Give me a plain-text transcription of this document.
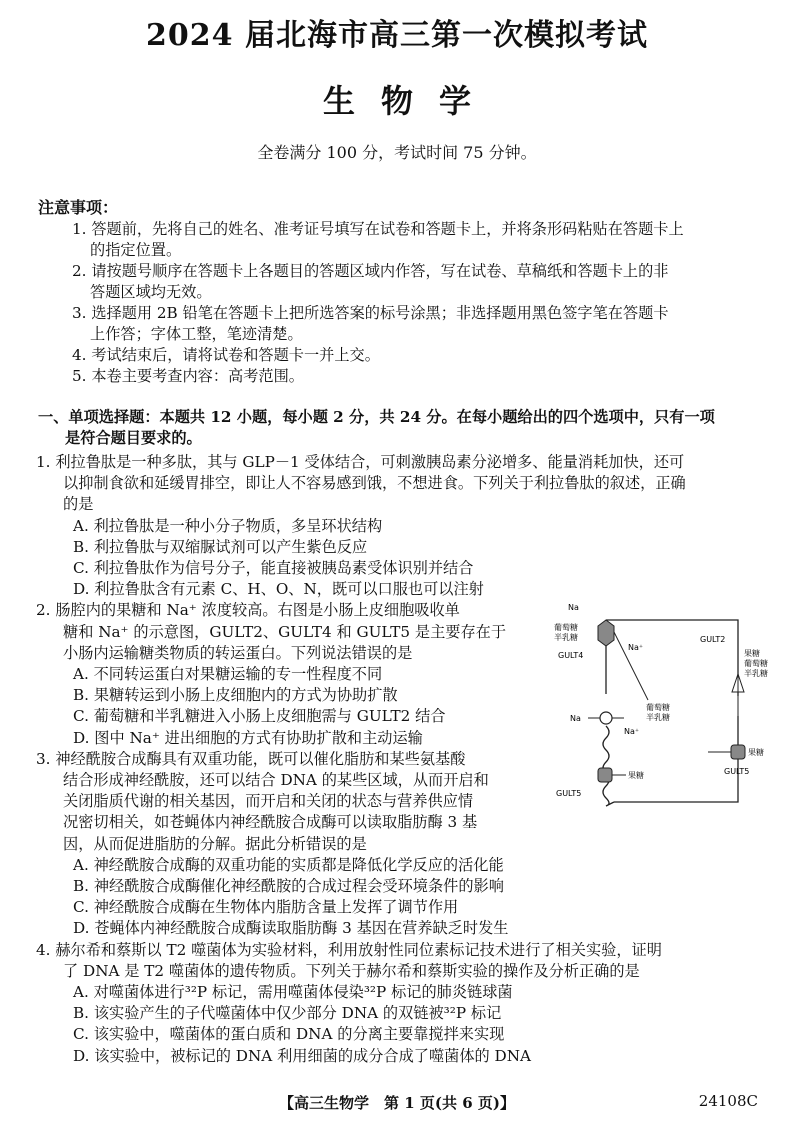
2024 届北海市高三第一次模拟考试
生物学
全卷满分 100 分，考试时间 75 分钟。
注意事项：
1. 答题前，先将自己的姓名、准考证号填写在试卷和答题卡上，并将条形码粘贴在答题卡上
的指定位置。
2. 请按题号顺序在答题卡上各题目的答题区域内作答，写在试卷、草稿纸和答题卡上的非
答题区域均无效。
3. 选择题用 2B 铅笔在答题卡上把所选答案的标号涂黑；非选择题用黑色签字笔在答题卡
上作答；字体工整，笔迹清楚。
4. 考试结束后，请将试卷和答题卡一并上交。
5. 本卷主要考查内容：高考范围。
一、单项选择题：本题共 12 小题，每小题 2 分，共 24 分。在每小题给出的四个选项中，只有一项
是符合题目要求的。
1. 利拉鲁肽是一种多肽，其与 GLP－1 受体结合，可刺激胰岛素分泌增多、能量消耗加快，还可
以抑制食欲和延缓胃排空，即让人不容易感到饿，不想进食。下列关于利拉鲁肽的叙述，正确
的是
A. 利拉鲁肽是一种小分子物质，多呈环状结构
B. 利拉鲁肽与双缩脲试剂可以产生紫色反应
C. 利拉鲁肽作为信号分子，能直接被胰岛素受体识别并结合
D. 利拉鲁肽含有元素 C、H、O、N，既可以口服也可以注射
2. 肠腔内的果糖和 Na⁺ 浓度较高。右图是小肠上皮细胞吸收单
糖和 Na⁺ 的示意图，GULT2、GULT4 和 GULT5 是主要存在于
小肠内运输糖类物质的转运蛋白。下列说法错误的是
A. 不同转运蛋白对果糖运输的专一性程度不同
B. 果糖转运到小肠上皮细胞内的方式为协助扩散
C. 葡萄糖和半乳糖进入小肠上皮细胞需与 GULT2 结合
D. 图中 Na⁺ 进出细胞的方式有协助扩散和主动运输
3. 神经酰胺合成酶具有双重功能，既可以催化脂肪和某些氨基酸
结合形成神经酰胺，还可以结合 DNA 的某些区域，从而开启和
关闭脂质代谢的相关基因，而开启和关闭的状态与营养供应情
况密切相关，如苍蝇体内神经酰胺合成酶可以读取脂肪酶 3 基
因，从而促进脂肪的分解。据此分析错误的是
A. 神经酰胺合成酶的双重功能的实质都是降低化学反应的活化能
B. 神经酰胺合成酶催化神经酰胺的合成过程会受环境条件的影响
C. 神经酰胺合成酶在生物体内脂肪含量上发挥了调节作用
D. 苍蝇体内神经酰胺合成酶读取脂肪酶 3 基因在营养缺乏时发生
4. 赫尔希和蔡斯以 T2 噬菌体为实验材料，利用放射性同位素标记技术进行了相关实验，证明
了 DNA 是 T2 噬菌体的遗传物质。下列关于赫尔希和蔡斯实验的操作及分析正确的是
A. 对噬菌体进行³²P 标记，需用噬菌体侵染³²P 标记的肺炎链球菌
B. 该实验产生的子代噬菌体中仅少部分 DNA 的双链被³²P 标记
C. 该实验中，噬菌体的蛋白质和 DNA 的分离主要靠搅拌来实现
D. 该实验中，被标记的 DNA 利用细菌的成分合成了噬菌体的 DNA
Na
葡萄糖
半乳糖
Na⁺
GULT4
葡萄糖
半乳糖
GULT2
果糖
葡萄糖
半乳糖
Na
Na⁺
GULT5
果糖
果糖
GULT5
【高三生物学　第 1 页(共 6 页)】	24108C
